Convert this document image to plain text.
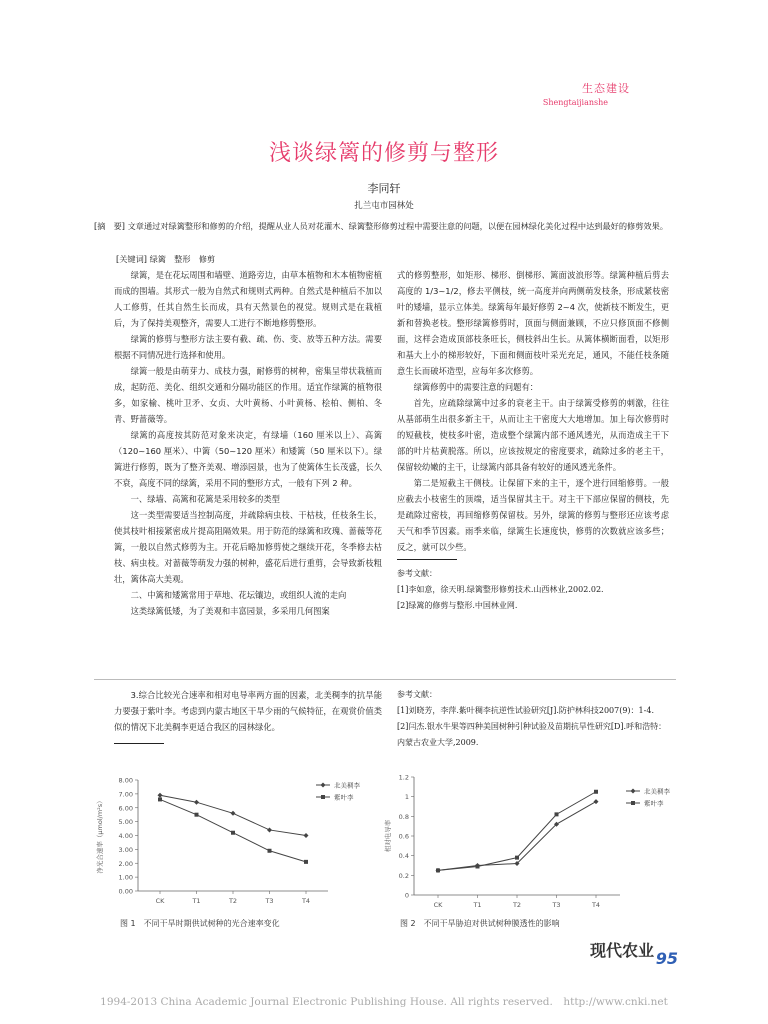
生态建设
Shengtaijianshe
浅谈绿篱的修剪与整形
李同轩
扎兰屯市园林处
[摘　要] 文章通过对绿篱整形和修剪的介绍，提醒从业人员对花灌木、绿篱整形修剪过程中需要注意的问题，以便在园林绿化美化过程中达到最好的修剪效果。
[关键词] 绿篱　整形　修剪

绿篱，是在花坛周围和墙壁、道路旁边，由草本植物和木本植物密植而成的围墙。其形式一般为自然式和规则式两种。自然式是种植后不加以人工修剪，任其自然生长而成，具有天然景色的视觉。规则式是在栽植后，为了保持美观整齐，需要人工进行不断地修剪整形。

绿篱的修剪与整形方法主要有截、疏、伤、变、放等五种方法。需要根据不同情况进行选择和使用。

绿篱一般是由萌芽力、成枝力强，耐修剪的树种，密集呈带状栽植而成，起防范、美化、组织交通和分隔功能区的作用。适宜作绿篱的植物很多，如家榆、桃叶卫矛、女贞、大叶黄杨、小叶黄杨、桧柏、侧柏、冬青、野蔷薇等。

绿篱的高度按其防范对象来决定，有绿墙（160 厘米以上）、高篱（120~160 厘米）、中篱（50~120 厘米）和矮篱（50 厘米以下）。绿篱进行修剪，既为了整齐美观、增添园景，也为了使篱体生长茂盛，长久不衰，高度不同的绿篱，采用不同的整形方式，一般有下列 2 种。

一、绿墙、高篱和花篱是采用较多的类型

这一类型需要适当控制高度，并疏除病虫枝、干枯枝，任枝条生长，使其枝叶相接紧密成片提高阻隔效果。用于防范的绿篱和玫瑰、蔷薇等花篱，一般以自然式修剪为主。开花后略加修剪使之继续开花，冬季修去枯枝、病虫枝。对蔷薇等萌发力强的树种，盛花后进行重剪，会导致新枝粗壮，篱体高大美观。

二、中篱和矮篱常用于草地、花坛镶边，或组织人流的走向

这类绿篱低矮，为了美观和丰富园景，多采用几何图案

式的修剪整形，如矩形、梯形、倒梯形、篱面波浪形等。绿篱种植后剪去高度的 1/3~1/2，修去平侧枝，统一高度并向两侧萌发枝条，形成紧枝密叶的矮墙，显示立体美。绿篱每年最好修剪 2~4 次，使新枝不断发生，更新和替换老枝。整形绿篱修剪时，顶面与侧面兼顾，不应只修顶面不修侧面，这样会造成顶部枝条旺长，侧枝斜出生长。从篱体横断面看，以矩形和基大上小的梯形较好，下面和侧面枝叶采光充足，通风，不能任枝条随意生长而破坏造型，应每年多次修剪。

绿篱修剪中的需要注意的问题有：

首先，应疏除绿篱中过多的衰老主干。由于绿篱受修剪的刺激，往往从基部萌生出很多新主干，从而让主干密度大大地增加。加上每次修剪时的短截枝，使枝多叶密，造成整个绿篱内部不通风透光，从而造成主干下部的叶片枯黄脱落。所以，应该按规定的密度要求，疏除过多的老主干，保留较幼嫩的主干，让绿篱内部具备有较好的通风透光条件。

第二是短截主干侧枝。让保留下来的主干，逐个进行回缩修剪。一般应截去小枝密生的顶端，适当保留其主干。对主干下部应保留的侧枝，先是疏除过密枝，再回缩修剪保留枝。另外，绿篱的修剪与整形还应该考虑天气和季节因素。雨季来临，绿篱生长速度快，修剪的次数就应该多些；反之，就可以少些。

参考文献：
[1]李如意，徐天明.绿篱整形修剪技术.山西林业,2002.02.
[2]绿篱的修剪与整形.中国林业网.

3.综合比较光合速率和相对电导率两方面的因素，北美稠李的抗旱能力要强于紫叶李。考虑到内蒙古地区干旱少雨的气候特征，在观赏价值类似的情况下北美稠李更适合我区的园林绿化。

参考文献：
[1]刘晓芳，李萍.紫叶稠李抗逆性试验研究[J].防护林科技2007(9)：1-4.
[2]闫杰.银水牛果等四种美国树种引种试验及苗期抗旱性研究[D].呼和浩特：内蒙古农业大学,2009.
0.00
1.00
2.00
3.00
4.00
5.00
6.00
7.00
8.00
CK	T1	T2	T3	T4
净光合速率（μmol/m²s）
北美稠李
紫叶李
0
0.2
0.4
0.6
0.8
1
1.2
CK	T1	T2	T3	T4
相对电导率
北美稠李
紫叶李
图 1　不同干旱时期供试树种的光合速率变化	图 2　不同干旱胁迫对供试树种膜透性的影响
现代农业 95
1994-2013 China Academic Journal Electronic Publishing House. All rights reserved.　http://www.cnki.net
